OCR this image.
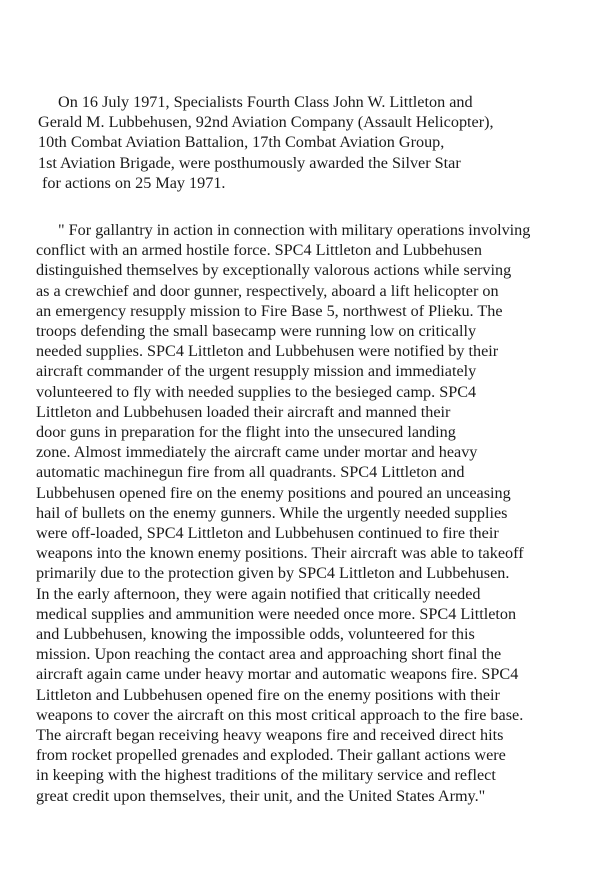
On 16 July 1971, Specialists Fourth Class John W. Littleton and
Gerald M. Lubbehusen, 92nd Aviation Company (Assault Helicopter),
10th Combat Aviation Battalion, 17th Combat Aviation Group,
1st Aviation Brigade, were posthumously awarded the Silver Star
for actions on 25 May 1971.
" For gallantry in action in connection with military operations involving
conflict with an armed hostile force. SPC4 Littleton and Lubbehusen
distinguished themselves by exceptionally valorous actions while serving
as a crewchief and door gunner, respectively, aboard a lift helicopter on
an emergency resupply mission to Fire Base 5, northwest of Plieku. The
troops defending the small basecamp were running low on critically
needed supplies. SPC4 Littleton and Lubbehusen were notified by their
aircraft commander of the urgent resupply mission and immediately
volunteered to fly with needed supplies to the besieged camp. SPC4
Littleton and Lubbehusen loaded their aircraft and manned their
door guns in preparation for the flight into the unsecured landing
zone. Almost immediately the aircraft came under mortar and heavy
automatic machinegun fire from all quadrants. SPC4 Littleton and
Lubbehusen opened fire on the enemy positions and poured an unceasing
hail of bullets on the enemy gunners. While the urgently needed supplies
were off-loaded, SPC4 Littleton and Lubbehusen continued to fire their
weapons into the known enemy positions. Their aircraft was able to takeoff
primarily due to the protection given by SPC4 Littleton and Lubbehusen.
In the early afternoon, they were again notified that critically needed
medical supplies and ammunition were needed once more. SPC4 Littleton
and Lubbehusen, knowing the impossible odds, volunteered for this
mission. Upon reaching the contact area and approaching short final the
aircraft again came under heavy mortar and automatic weapons fire. SPC4
Littleton and Lubbehusen opened fire on the enemy positions with their
weapons to cover the aircraft on this most critical approach to the fire base.
The aircraft began receiving heavy weapons fire and received direct hits
from rocket propelled grenades and exploded. Their gallant actions were
in keeping with the highest traditions of the military service and reflect
great credit upon themselves, their unit, and the United States Army."
